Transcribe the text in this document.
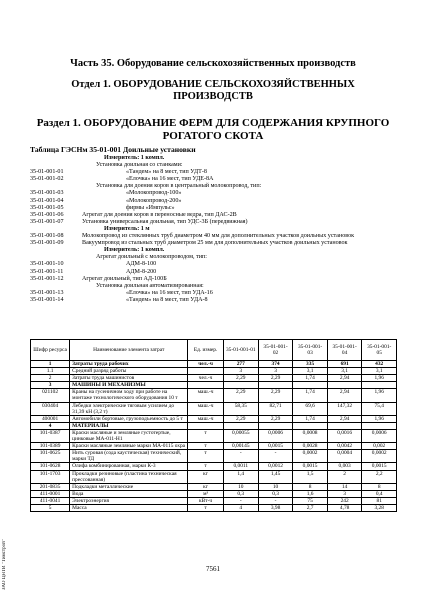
Часть 35. Оборудование сельскохозяйственных производств
Отдел 1. ОБОРУДОВАНИЕ СЕЛЬСКОХОЗЯЙСТВЕННЫХ ПРОИЗВОДСТВ
Раздел 1. ОБОРУДОВАНИЕ ФЕРМ ДЛЯ СОДЕРЖАНИЯ КРУПНОГО РОГАТОГО СКОТА
Таблица ГЭСНм 35-01-001 Доильные установки
Измеритель: 1 компл.
Установка доильная со станками:
35-01-001-01	«Тандем» на 8 мест, тип УДТ-8
35-01-001-02	«Елочка» на 16 мест, тип УДЕ-8А
Установка для доения коров в центральный молокопровод, тип:
35-01-001-03	«Молокопровод-100»
35-01-001-04	«Молокопровод-200»
35-01-001-05	фирмы «Импульс»
35-01-001-06	Агрегат для доения коров в переносные ведра, тип ДАС-2В
35-01-001-07	Установка универсальная доильная, тип УДС-3Б (передвижная)
Измеритель: 1 м
35-01-001-08	Молокопровод из стеклянных труб диаметром 40 мм для дополнительных участков доильных установок
35-01-001-09	Вакуумпровод из стальных труб диаметром 25 мм для дополнительных участков доильных установок
Измеритель: 1 компл.
Агрегат доильный с молокопроводом, тип:
35-01-001-10	АДМ-8-100
35-01-001-11	АДМ-8-200
35-01-001-12	Агрегат доильный, тип АД-100Б
Установка доильная автоматизированная:
35-01-001-13	«Елочка» на 16 мест, тип УДА-16
35-01-001-14	«Тандем» на 8 мест, тип УДА-8
Шифр ресурса	Наименование элемента затрат	Ед. измер.	35-01-001-01	35-01-001-02	35-01-001-03	35-01-001-04	35-01-001-05
1	Затраты труда рабочих	чел.-ч	277	374	335	691	432
1.1	Средний разряд работы		3	3	3,1	3,1	3,1
2	Затраты труда машинистов	чел.-ч	2,29	2,29	1,74	2,94	1,96
3	МАШИНЫ И МЕХАНИЗМЫ						
021102	Краны на гусеничном ходу при работе на монтаже технологического оборудования 10 т	маш.-ч	2,29	2,29	1,74	2,94	1,96
030404	Лебедки электрические тяговым усилием до 31,39 кН (3,2 т)	маш.-ч	58,35	82,71	69,6	147,32	75,4
400001	Автомобили бортовые, грузоподъемность до 5 т	маш.-ч	2,29	2,29	1,74	2,94	1,96
4	МАТЕРИАЛЫ						
101-0387	Краски масляные и земляные густотертые, цинковые МА-011-Н1	т	0,00055	0,0006	0,0008	0,0016	0,0006
101-0389	Краски масляные земляные марки МА-0115 охра	т	0,00145	0,0015	0,0028	0,0042	0,002
101-0625	Нить суровая (сода каустическая) технический, марки ТД	т	-	-	0,0002	0,0004	0,0002
101-0628	Олифа комбинированная, марки К-3	т	0,0011	0,0012	0,0015	0,003	0,0015
101-1703	Прокладки резиновые (пластина техническая прессованная)	кг	1,4	1,45	1,5	2	2,2
201-0835	Подкладки металлические	кг	10	10	8	14	8
411-0001	Вода	м³	0,3	0,3	1,6	3	0,4
411-0041	Электроэнергия	кВт-ч	-	-	75	242	81
5	Масса	т	4	3,98	2,7	4,78	3,28
7561
ЗАО ЦНТИ "Тимстрой"
